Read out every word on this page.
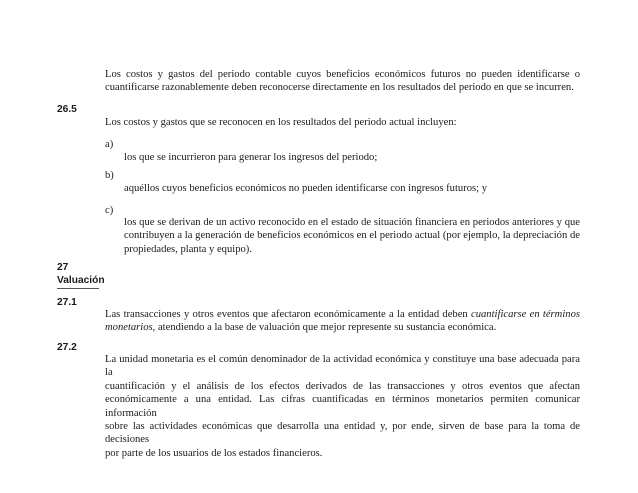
Los costos y gastos del periodo contable cuyos beneficios económicos futuros no pueden identificarse o
cuantificarse razonablemente deben reconocerse directamente en los resultados del periodo en que se incurren.
26.5
Los costos y gastos que se reconocen en los resultados del periodo actual incluyen:
a)
los que se incurrieron para generar los ingresos del periodo;
b)
aquéllos cuyos beneficios económicos no pueden identificarse con ingresos futuros; y
c)
los que se derivan de un activo reconocido en el estado de situación financiera en periodos anteriores y que
contribuyen a la generación de beneficios económicos en el periodo actual (por ejemplo, la depreciación de
propiedades, planta y equipo).
27
Valuación
27.1
Las transacciones y otros eventos que afectaron económicamente a la entidad deben cuantificarse en términos
monetarios, atendiendo a la base de valuación que mejor represente su sustancia económica.
27.2
La unidad monetaria es el común denominador de la actividad económica y constituye una base adecuada para la
cuantificación y el análisis de los efectos derivados de las transacciones y otros eventos que afectan
económicamente a una entidad. Las cifras cuantificadas en términos monetarios permiten comunicar información
sobre las actividades económicas que desarrolla una entidad y, por ende, sirven de base para la toma de decisiones
por parte de los usuarios de los estados financieros.
